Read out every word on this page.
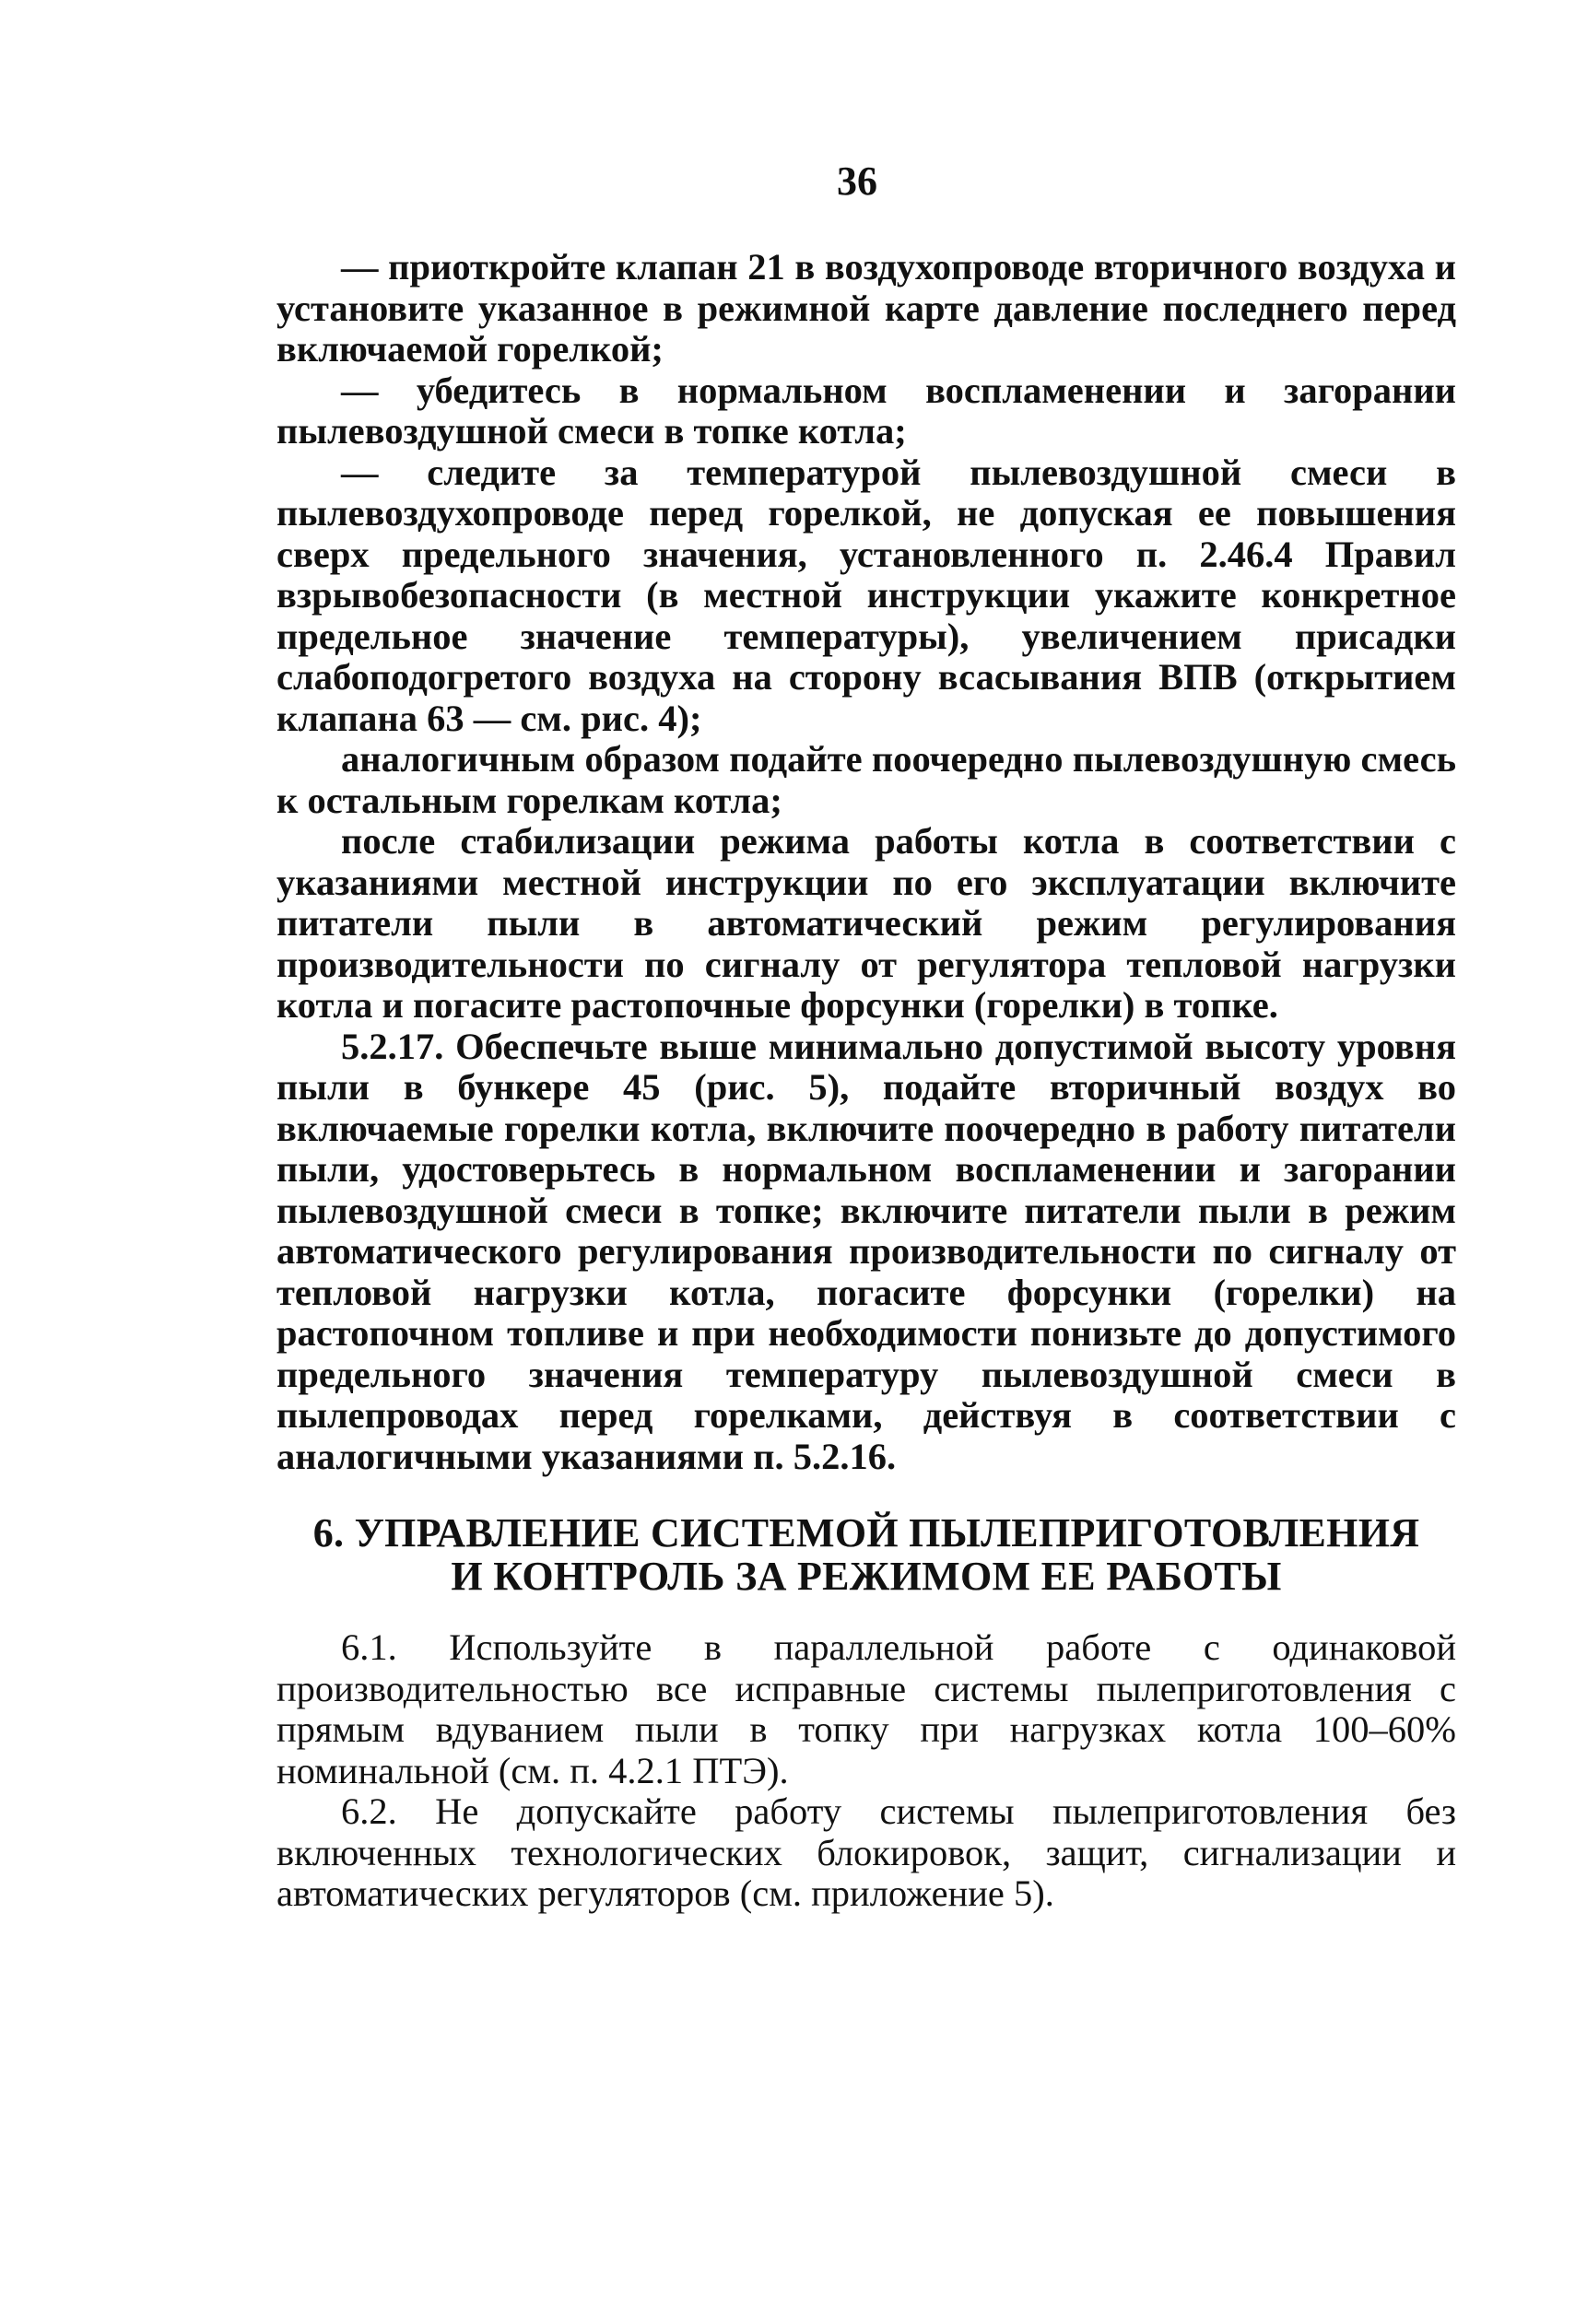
36

— приоткройте клапан 21 в воздухопроводе вторичного воздуха и установите указанное в режимной карте давление последнего перед включаемой горелкой;

— убедитесь в нормальном воспламенении и загорании пылевоздушной смеси в топке котла;

— следите за температурой пылевоздушной смеси в пылевоздухопроводе перед горелкой, не допуская ее повышения сверх предельного значения, установленного п. 2.46.4 Правил взрывобезопасности (в местной инструкции укажите конкретное предельное значение температуры), увеличением присадки слабоподогретого воздуха на сторону всасывания ВПВ (открытием клапана 63 — см. рис. 4);

аналогичным образом подайте поочередно пылевоздушную смесь к остальным горелкам котла;

после стабилизации режима работы котла в соответствии с указаниями местной инструкции по его эксплуатации включите питатели пыли в автоматический режим регулирования производительности по сигналу от регулятора тепловой нагрузки котла и погасите растопочные форсунки (горелки) в топке.

5.2.17. Обеспечьте выше минимально допустимой высоту уровня пыли в бункере 45 (рис. 5), подайте вторичный воздух во включаемые горелки котла, включите поочередно в работу питатели пыли, удостоверьтесь в нормальном воспламенении и загорании пылевоздушной смеси в топке; включите питатели пыли в режим автоматического регулирования производительности по сигналу от тепловой нагрузки котла, погасите форсунки (горелки) на растопочном топливе и при необходимости понизьте до допустимого предельного значения температуру пылевоздушной смеси в пылепроводах перед горелками, действуя в соответствии с аналогичными указаниями п. 5.2.16.

6. УПРАВЛЕНИЕ СИСТЕМОЙ ПЫЛЕПРИГОТОВЛЕНИЯ
И КОНТРОЛЬ ЗА РЕЖИМОМ ЕЕ РАБОТЫ

6.1. Используйте в параллельной работе с одинаковой производительностью все исправные системы пылеприготовления с прямым вдуванием пыли в топку при нагрузках котла 100–60% номинальной (см. п. 4.2.1 ПТЭ).

6.2. Не допускайте работу системы пылеприготовления без включенных технологических блокировок, защит, сигнализации и автоматических регуляторов (см. приложение 5).
